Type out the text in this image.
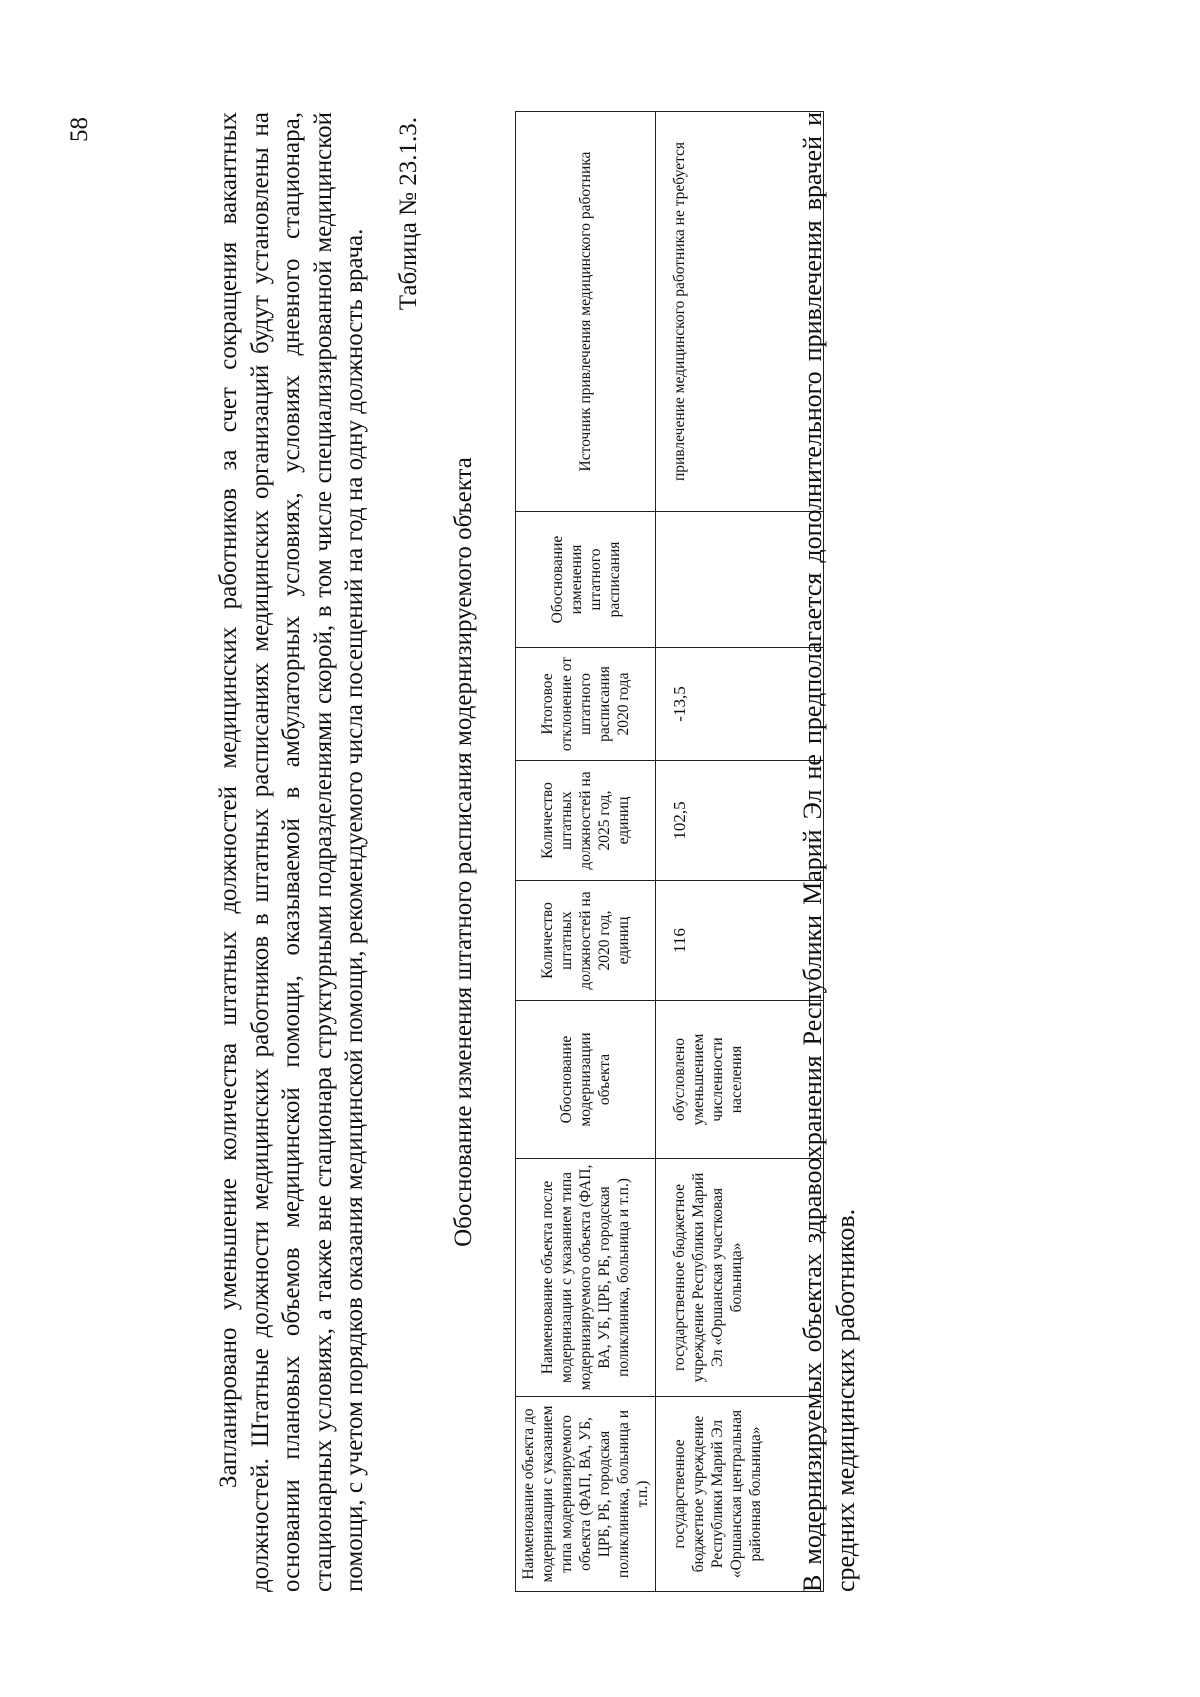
58	Запланировано уменьшение количества штатных должностей медицинских работников за счет сокращения вакантных должностей. Штатные должности медицинских работников в штатных расписаниях медицинских организаций будут установлены на основании плановых объемов медицинской помощи, оказываемой в амбулаторных условиях, условиях дневного стационара, стационарных условиях, а также вне стационара структурными подразделениями скорой, в том числе специализированной медицинской помощи, с учетом порядков оказания медицинской помощи, рекомендуемого числа посещений на год на одну должность врача.

Таблица № 23.1.3.
Обоснование изменения штатного расписания модернизируемого объекта
Наименование объекта до модернизации с указанием типа модернизируемого объекта (ФАП, ВА, УБ, ЦРБ, РБ, городская поликлиника, больница и т.п.)	Наименование объекта после модернизации с указанием типа модернизируемого объекта (ФАП, ВА, УБ, ЦРБ, РБ, городская поликлиника, больница и т.п.)	Обоснование модернизации объекта	Количество штатных должностей на 2020 год, единиц	Количество штатных должностей на 2025 год, единиц	Итоговое отклонение от штатного расписания 2020 года	Обоснование изменения штатного расписания	Источник привлечения медицинского работника
государственное бюджетное учреждение Республики Марий Эл «Оршанская центральная районная больница»	государственное бюджетное учреждение Республики Марий Эл «Оршанская участковая больница»	обусловлено уменьшением численности населения	116	102,5	-13,5		привлечение медицинского работника не требуется	В модернизируемых объектах здравоохранения Республики Марий Эл не предполагается дополнительного привлечения врачей и средних медицинских работников.
